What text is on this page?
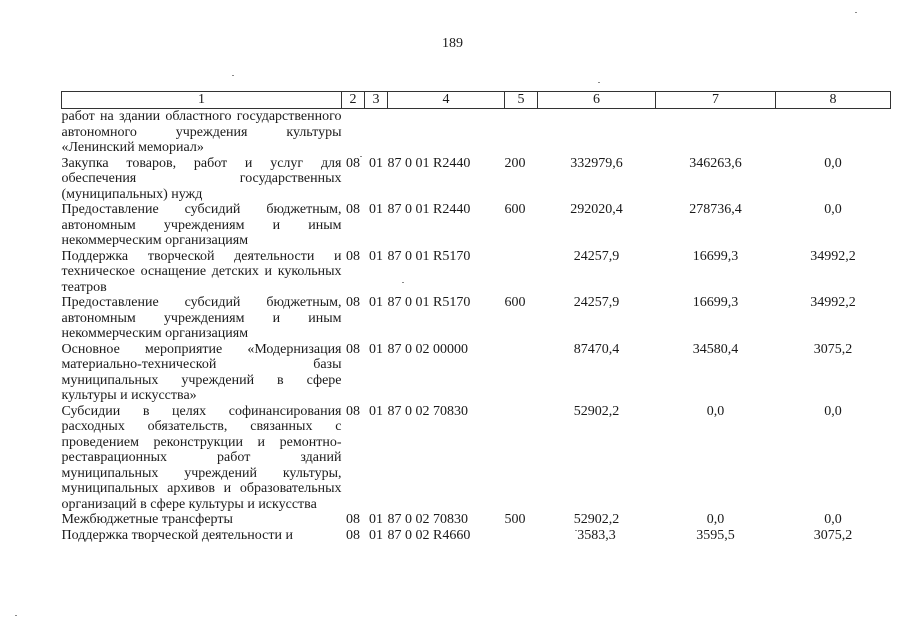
189
1	2	3	4	5	6	7	8
работ на здании областного государственного автономного учреждения культуры «Ленинский мемориал»							
Закупка товаров, работ и услуг для обеспечения государственных (муниципальных) нужд	08	01	87 0 01 R2440	200	332979,6	346263,6	0,0
Предоставление субсидий бюджетным, автономным учреждениям и иным некоммерческим организациям	08	01	87 0 01 R2440	600	292020,4	278736,4	0,0
Поддержка творческой деятельности и техническое оснащение детских и кукольных театров	08	01	87 0 01 R5170		24257,9	16699,3	34992,2
Предоставление субсидий бюджетным, автономным учреждениям и иным некоммерческим организациям	08	01	87 0 01 R5170	600	24257,9	16699,3	34992,2
Основное мероприятие «Модернизация материально-технической базы муниципальных учреждений в сфере культуры и искусства»	08	01	87 0 02 00000		87470,4	34580,4	3075,2
Субсидии в целях софинансирования расходных обязательств, связанных с проведением реконструкции и ремонтно-реставрационных работ зданий муниципальных учреждений культуры, муниципальных архивов и образовательных организаций в сфере культуры и искусства	08	01	87 0 02 70830		52902,2	0,0	0,0
Межбюджетные трансферты	08	01	87 0 02 70830	500	52902,2	0,0	0,0
Поддержка творческой деятельности и	08	01	87 0 02 R4660		3583,3	3595,5	3075,2
